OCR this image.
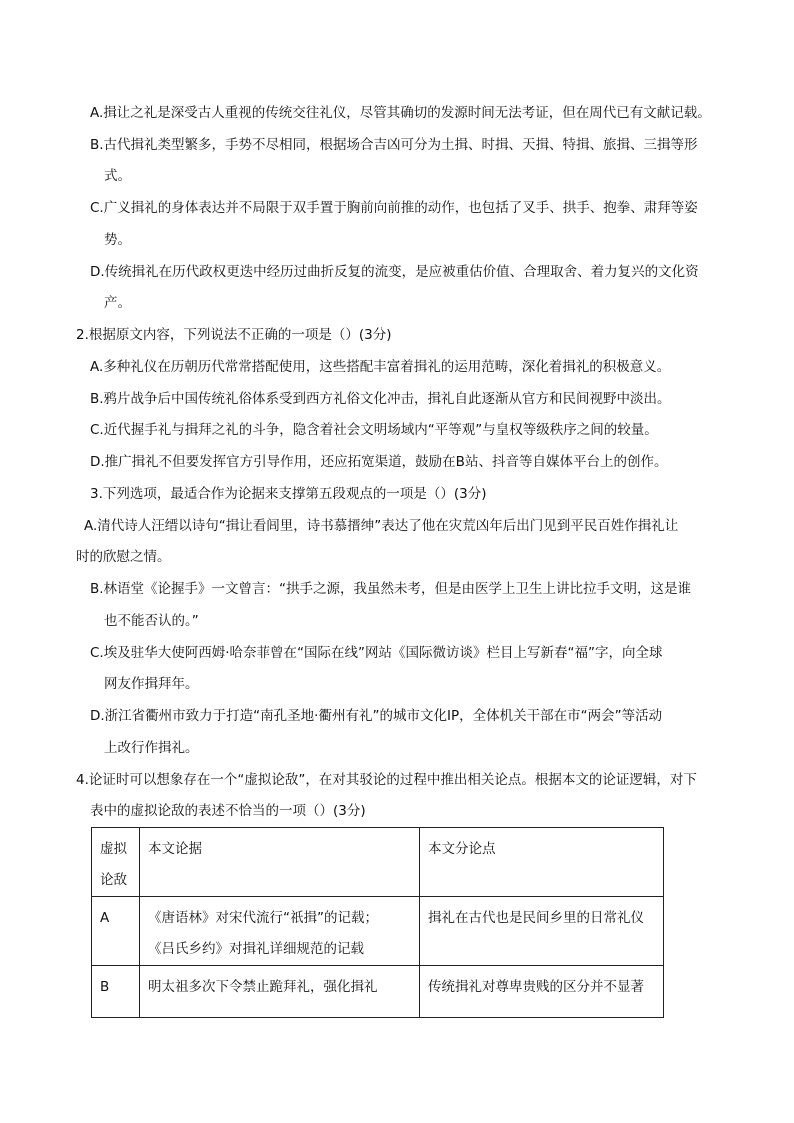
A.揖让之礼是深受古人重视的传统交往礼仪，尽管其确切的发源时间无法考证，但在周代已有文献记载。
B.古代揖礼类型繁多，手势不尽相同，根据场合吉凶可分为土揖、时揖、天揖、特揖、旅揖、三揖等形
式。
C.广义揖礼的身体表达并不局限于双手置于胸前向前推的动作，也包括了叉手、拱手、抱拳、肃拜等姿
势。
D.传统揖礼在历代政权更迭中经历过曲折反复的流变，是应被重估价值、合理取舍、着力复兴的文化资
产。
2.根据原文内容，下列说法不正确的一项是（）(3分)
A.多种礼仪在历朝历代常常搭配使用，这些搭配丰富着揖礼的运用范畴，深化着揖礼的积极意义。
B.鸦片战争后中国传统礼俗体系受到西方礼俗文化冲击，揖礼自此逐渐从官方和民间视野中淡出。
C.近代握手礼与揖拜之礼的斗争，隐含着社会文明场域内“平等观”与皇权等级秩序之间的较量。
D.推广揖礼不但要发挥官方引导作用，还应拓宽渠道，鼓励在B站、抖音等自媒体平台上的创作。
3.下列选项，最适合作为论据来支撑第五段观点的一项是（）(3分)
A.清代诗人汪缙以诗句“揖让看闾里，诗书慕搢绅”表达了他在灾荒凶年后出门见到平民百姓作揖礼让
时的欣慰之情。
B.林语堂《论握手》一文曾言：“拱手之源，我虽然未考，但是由医学上卫生上讲比拉手文明，这是谁
也不能否认的。”
C.埃及驻华大使阿西姆·哈奈菲曾在“国际在线”网站《国际微访谈》栏目上写新春“福”字，向全球
网友作揖拜年。
D.浙江省衢州市致力于打造“南孔圣地·衢州有礼”的城市文化IP，全体机关干部在市“两会”等活动
上改行作揖礼。
4.论证时可以想象存在一个“虚拟论敌”，在对其驳论的过程中推出相关论点。根据本文的论证逻辑，对下
表中的虚拟论敌的表述不恰当的一项（）(3分)
虚拟
论敌	本文论据	本文分论点

A	《唐语林》对宋代流行“祇揖”的记载；
《吕氏乡约》对揖礼详细规范的记载	揖礼在古代也是民间乡里的日常礼仪

B	明太祖多次下令禁止跪拜礼，强化揖礼	传统揖礼对尊卑贵贱的区分并不显著
